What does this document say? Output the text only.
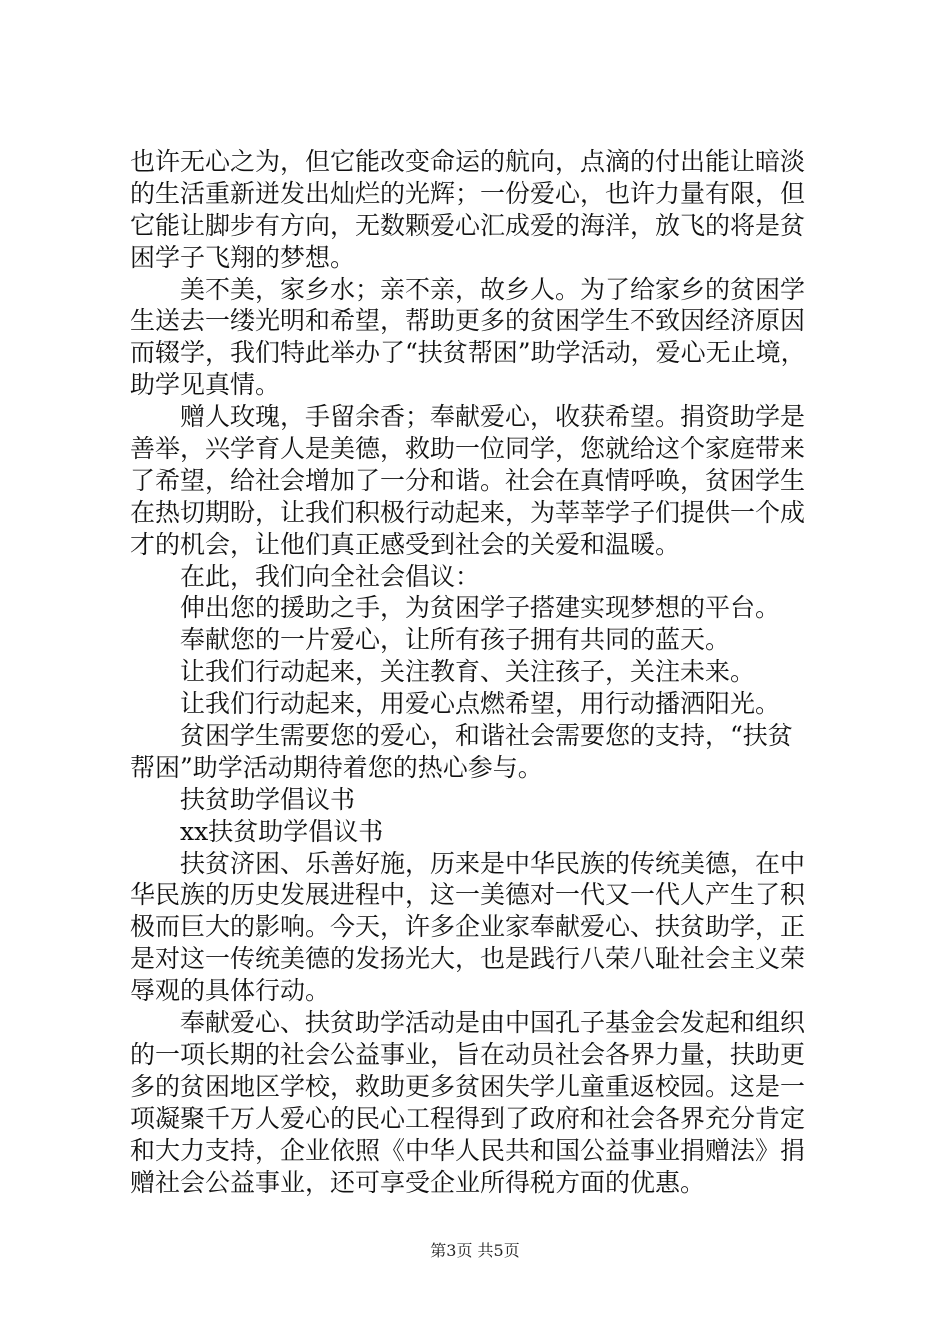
也许无心之为，但它能改变命运的航向，点滴的付出能让暗淡
的生活重新迸发出灿烂的光辉；一份爱心，也许力量有限，但
它能让脚步有方向，无数颗爱心汇成爱的海洋，放飞的将是贫
困学子飞翔的梦想。
美不美，家乡水；亲不亲，故乡人。为了给家乡的贫困学
生送去一缕光明和希望，帮助更多的贫困学生不致因经济原因
而辍学，我们特此举办了“扶贫帮困”助学活动，爱心无止境，
助学见真情。
赠人玫瑰，手留余香；奉献爱心，收获希望。捐资助学是
善举，兴学育人是美德，救助一位同学，您就给这个家庭带来
了希望，给社会增加了一分和谐。社会在真情呼唤，贫困学生
在热切期盼，让我们积极行动起来，为莘莘学子们提供一个成
才的机会，让他们真正感受到社会的关爱和温暖。
在此，我们向全社会倡议：
伸出您的援助之手，为贫困学子搭建实现梦想的平台。
奉献您的一片爱心，让所有孩子拥有共同的蓝天。
让我们行动起来，关注教育、关注孩子，关注未来。
让我们行动起来，用爱心点燃希望，用行动播洒阳光。
贫困学生需要您的爱心，和谐社会需要您的支持，“扶贫
帮困”助学活动期待着您的热心参与。
扶贫助学倡议书
xx扶贫助学倡议书
扶贫济困、乐善好施，历来是中华民族的传统美德，在中
华民族的历史发展进程中，这一美德对一代又一代人产生了积
极而巨大的影响。今天，许多企业家奉献爱心、扶贫助学，正
是对这一传统美德的发扬光大，也是践行八荣八耻社会主义荣
辱观的具体行动。
奉献爱心、扶贫助学活动是由中国孔子基金会发起和组织
的一项长期的社会公益事业，旨在动员社会各界力量，扶助更
多的贫困地区学校，救助更多贫困失学儿童重返校园。这是一
项凝聚千万人爱心的民心工程得到了政府和社会各界充分肯定
和大力支持，企业依照《中华人民共和国公益事业捐赠法》捐
赠社会公益事业，还可享受企业所得税方面的优惠。
第3页 共5页
